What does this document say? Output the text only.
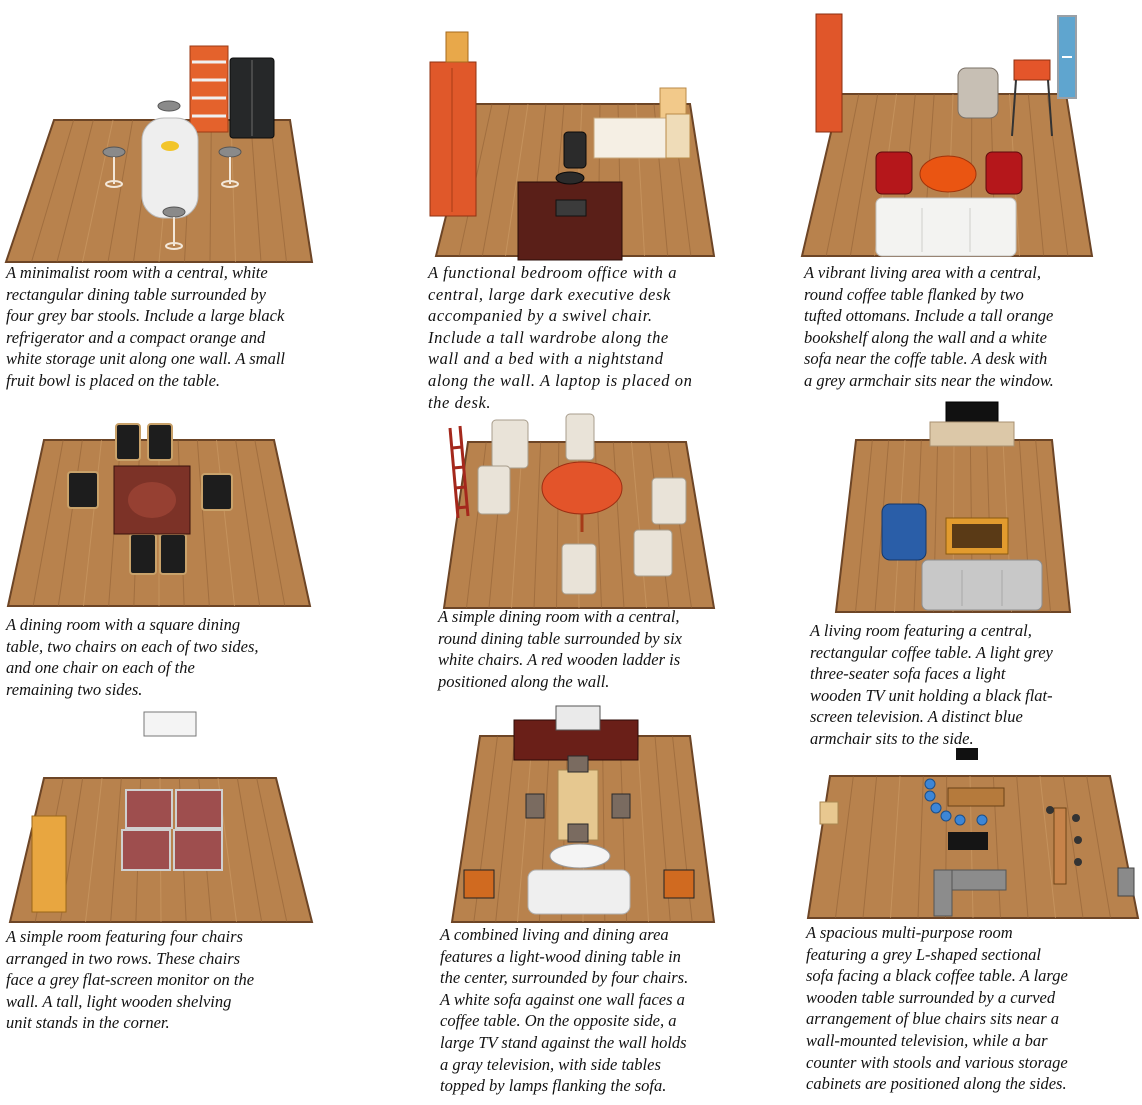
A minimalist room with a central, white
rectangular dining table surrounded by
four grey bar stools. Include a large black
refrigerator and a compact orange and
white storage unit along one wall. A small
fruit bowl is placed on the table.

A functional bedroom office with a
central, large dark executive desk
accompanied by a swivel chair.
Include a tall wardrobe along the
wall and a bed with a nightstand
along the wall. A laptop is placed on
the desk.

A vibrant living area with a central,
round coffee table flanked by two
tufted ottomans. Include a tall orange
bookshelf along the wall and a white
sofa near the coffe table. A desk with
a grey armchair sits near the window.

A dining room with a square dining
table, two chairs on each of two sides,
and one chair on each of the
remaining two sides.

A simple dining room with a central,
round dining table surrounded by six
white chairs. A red wooden ladder is
positioned along the wall.

A living room featuring a central,
rectangular coffee table. A light grey
three-seater sofa faces a light
wooden TV unit holding a black flat-
screen television. A distinct blue
armchair sits to the side.

A simple room featuring four chairs
arranged in two rows. These chairs
face a grey flat-screen monitor on the
wall. A tall, light wooden shelving
unit stands in the corner.

A combined living and dining area
features a light-wood dining table in
the center, surrounded by four chairs.
A white sofa against one wall faces a
coffee table. On the opposite side, a
large TV stand against the wall holds
a gray television, with side tables
topped by lamps flanking the sofa.

A spacious multi-purpose room
featuring a grey L-shaped sectional
sofa facing a black coffee table. A large
wooden table surrounded by a curved
arrangement of blue chairs sits near a
wall-mounted television, while a bar
counter with stools and various storage
cabinets are positioned along the sides.
